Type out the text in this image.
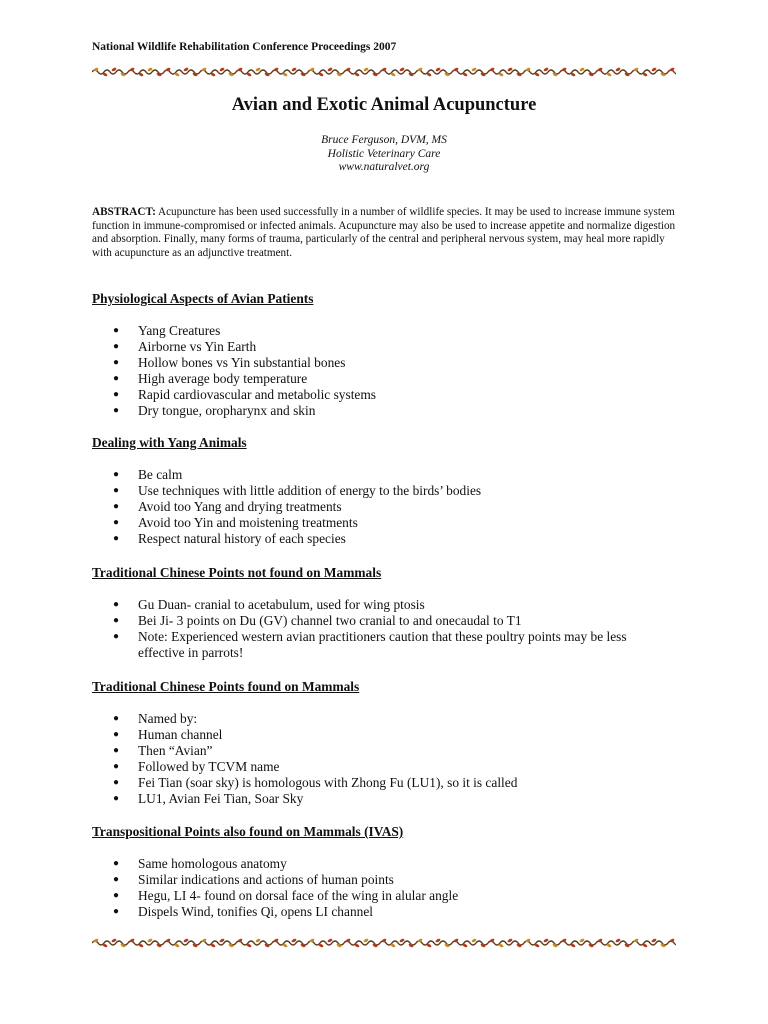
National Wildlife Rehabilitation Conference Proceedings 2007
Avian and Exotic Animal Acupuncture
Bruce Ferguson, DVM, MS
Holistic Veterinary Care
www.naturalvet.org
ABSTRACT: Acupuncture has been used successfully in a number of wildlife species. It may be used to increase immune system function in immune-compromised or infected animals. Acupuncture may also be used to increase appetite and normalize digestion and absorption. Finally, many forms of trauma, particularly of the central and peripheral nervous system, may heal more rapidly with acupuncture as an adjunctive treatment.
Physiological Aspects of Avian Patients
● Yang Creatures
● Airborne vs Yin Earth
● Hollow bones vs Yin substantial bones
● High average body temperature
● Rapid cardiovascular and metabolic systems
● Dry tongue, oropharynx and skin
Dealing with Yang Animals
● Be calm
● Use techniques with little addition of energy to the birds’ bodies
● Avoid too Yang and drying treatments
● Avoid too Yin and moistening treatments
● Respect natural history of each species
Traditional Chinese Points not found on Mammals
● Gu Duan- cranial to acetabulum, used for wing ptosis
● Bei Ji- 3 points on Du (GV) channel two cranial to and onecaudal to T1
● Note: Experienced western avian practitioners caution that these poultry points may be less effective in parrots!
Traditional Chinese Points found on Mammals
● Named by:
● Human channel
● Then “Avian”
● Followed by TCVM name
● Fei Tian (soar sky) is homologous with Zhong Fu (LU1), so it is called
● LU1, Avian Fei Tian, Soar Sky
Transpositional Points also found on Mammals (IVAS)
● Same homologous anatomy
● Similar indications and actions of human points
● Hegu, LI 4- found on dorsal face of the wing in alular angle
● Dispels Wind, tonifies Qi, opens LI channel
